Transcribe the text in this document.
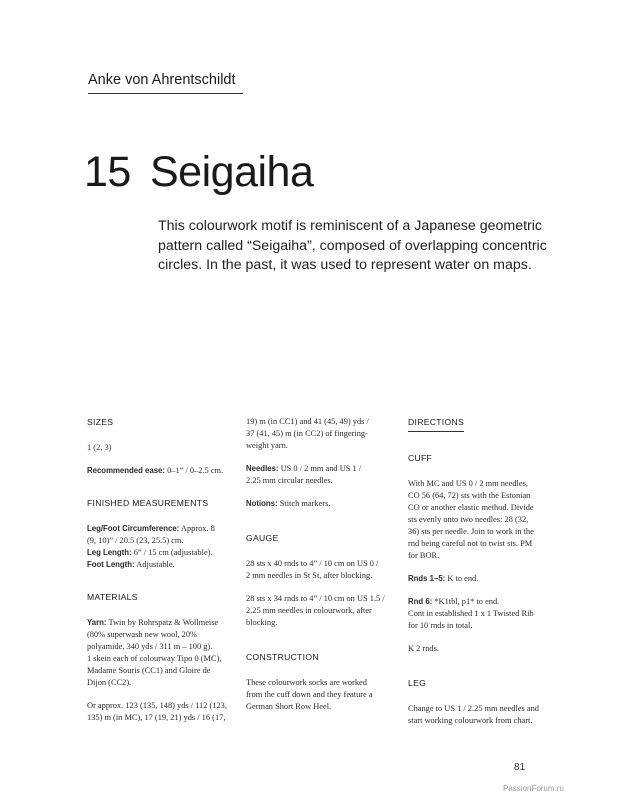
Anke von Ahrentschildt
15 Seigaiha
This colourwork motif is reminiscent of a Japanese geometric
pattern called “Seigaiha”, composed of overlapping concentric
circles. In the past, it was used to represent water on maps.
SIZES
1 (2, 3)
Recommended ease: 0–1” / 0–2.5 cm.
FINISHED MEASUREMENTS
Leg/Foot Circumference: Approx. 8
(9, 10)” / 20.5 (23, 25.5) cm.
Leg Length: 6” / 15 cm (adjustable).
Foot Length: Adjustable.
MATERIALS
Yarn: Twin by Rohrspatz & Wollmeise
(80% superwash new wool, 20%
polyamide, 340 yds / 311 m – 100 g).
1 skein each of colourway Tipo 0 (MC),
Madame Souris (CC1) and Gloire de
Dijon (CC2).
Or approx. 123 (135, 148) yds / 112 (123,
135) m (in MC), 17 (19, 21) yds / 16 (17,
19) m (in CC1) and 41 (45, 49) yds /
37 (41, 45) m (in CC2) of fingering-
weight yarn.
Needles: US 0 / 2 mm and US 1 /
2.25 mm circular needles.
Notions: Stitch markers.
GAUGE
28 sts x 40 rnds to 4” / 10 cm on US 0 /
2 mm needles in St St, after blocking.
28 sts x 34 rnds to 4” / 10 cm on US 1.5 /
2.25 mm needles in colourwork, after
blocking.
CONSTRUCTION
These colourwork socks are worked
from the cuff down and they feature a
German Short Row Heel.
DIRECTIONS
CUFF
With MC and US 0 / 2 mm needles,
CO 56 (64, 72) sts with the Estonian
CO or another elastic method. Divide
sts evenly onto two needles: 28 (32,
36) sts per needle. Join to work in the
rnd being careful not to twist sts. PM
for BOR.
Rnds 1–5: K to end.
Rnd 6: *K1tbl, p1* to end.
Cont in established 1 x 1 Twisted Rib
for 10 rnds in total.
K 2 rnds.
LEG
Change to US 1 / 2.25 mm needles and
start working colourwork from chart.
81
PassionForum.ru
